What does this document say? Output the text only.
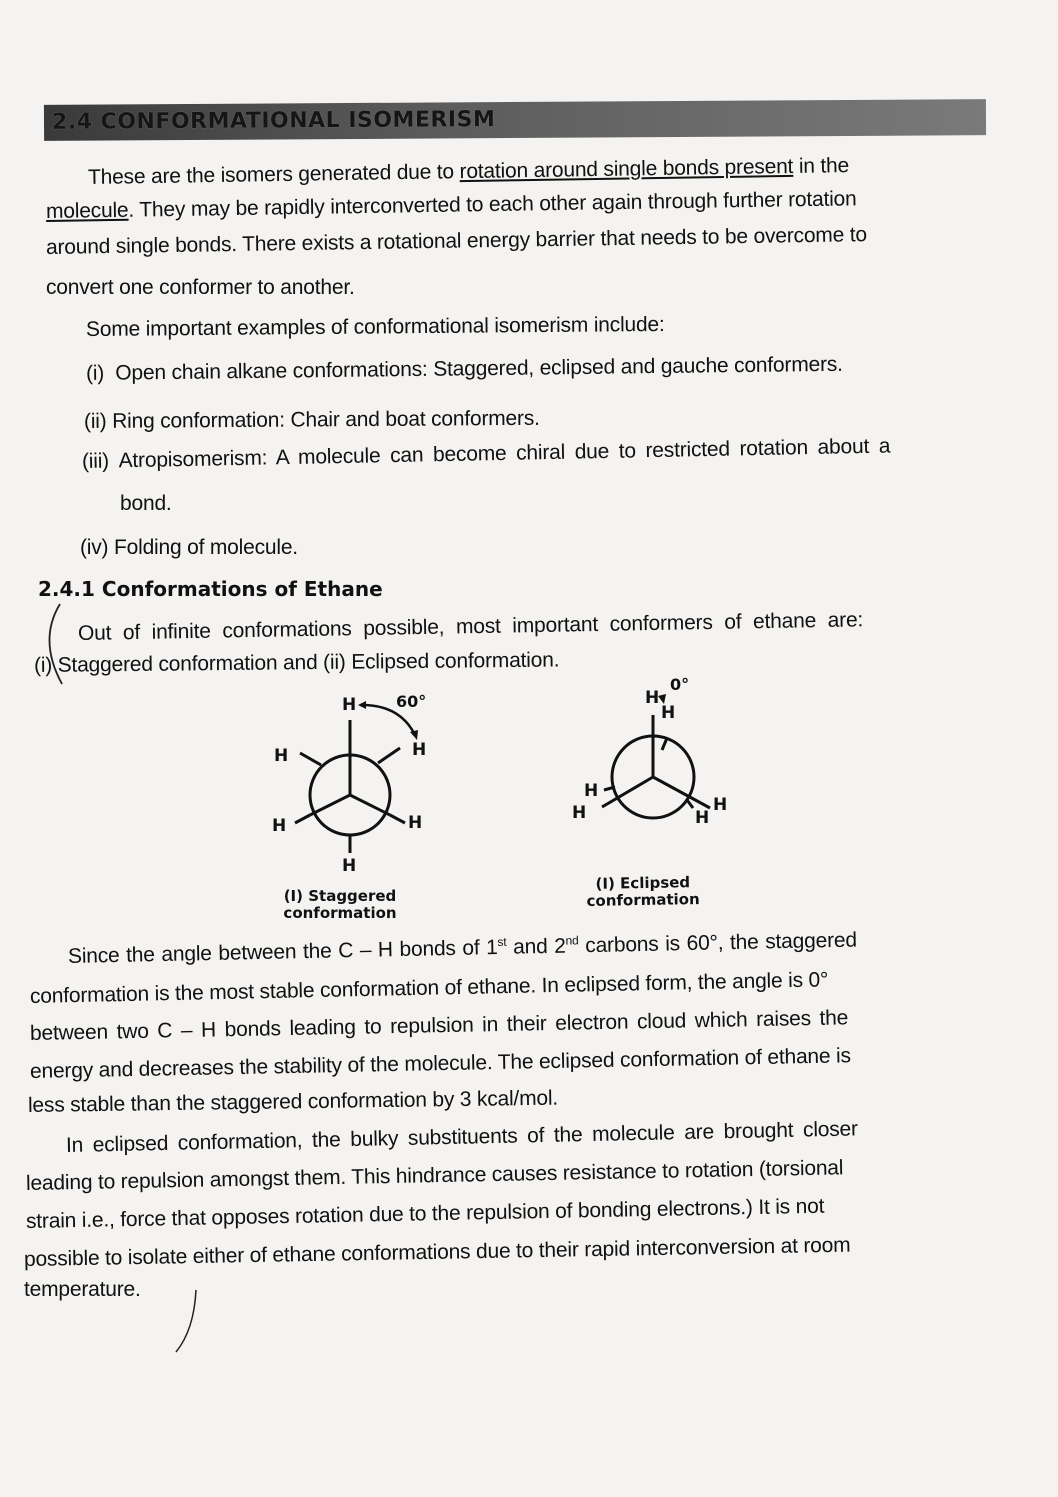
2.4 CONFORMATIONAL ISOMERISM
These are the isomers generated due to rotation around single bonds present in the
molecule. They may be rapidly interconverted to each other again through further rotation
around single bonds. There exists a rotational energy barrier that needs to be overcome to
convert one conformer to another.
Some important examples of conformational isomerism include:
(i) Open chain alkane conformations: Staggered, eclipsed and gauche conformers.
(ii) Ring conformation: Chair and boat conformers.
(iii) Atropisomerism: A molecule can become chiral due to restricted rotation about a
bond.
(iv) Folding of molecule.
2.4.1 Conformations of Ethane
Out of infinite conformations possible, most important conformers of ethane are:
(i) Staggered conformation and (ii) Eclipsed conformation.
H 60°
H	H
H	H
H
(I) Staggered
conformation
H
0°
H
H
H	H
H
(I) Eclipsed
conformation
Since the angle between the C – H bonds of 1st and 2nd carbons is 60°, the staggered
conformation is the most stable conformation of ethane. In eclipsed form, the angle is 0°
between two C – H bonds leading to repulsion in their electron cloud which raises the
energy and decreases the stability of the molecule. The eclipsed conformation of ethane is
less stable than the staggered conformation by 3 kcal/mol.
In eclipsed conformation, the bulky substituents of the molecule are brought closer
leading to repulsion amongst them. This hindrance causes resistance to rotation (torsional
strain i.e., force that opposes rotation due to the repulsion of bonding electrons.) It is not
possible to isolate either of ethane conformations due to their rapid interconversion at room
temperature.
